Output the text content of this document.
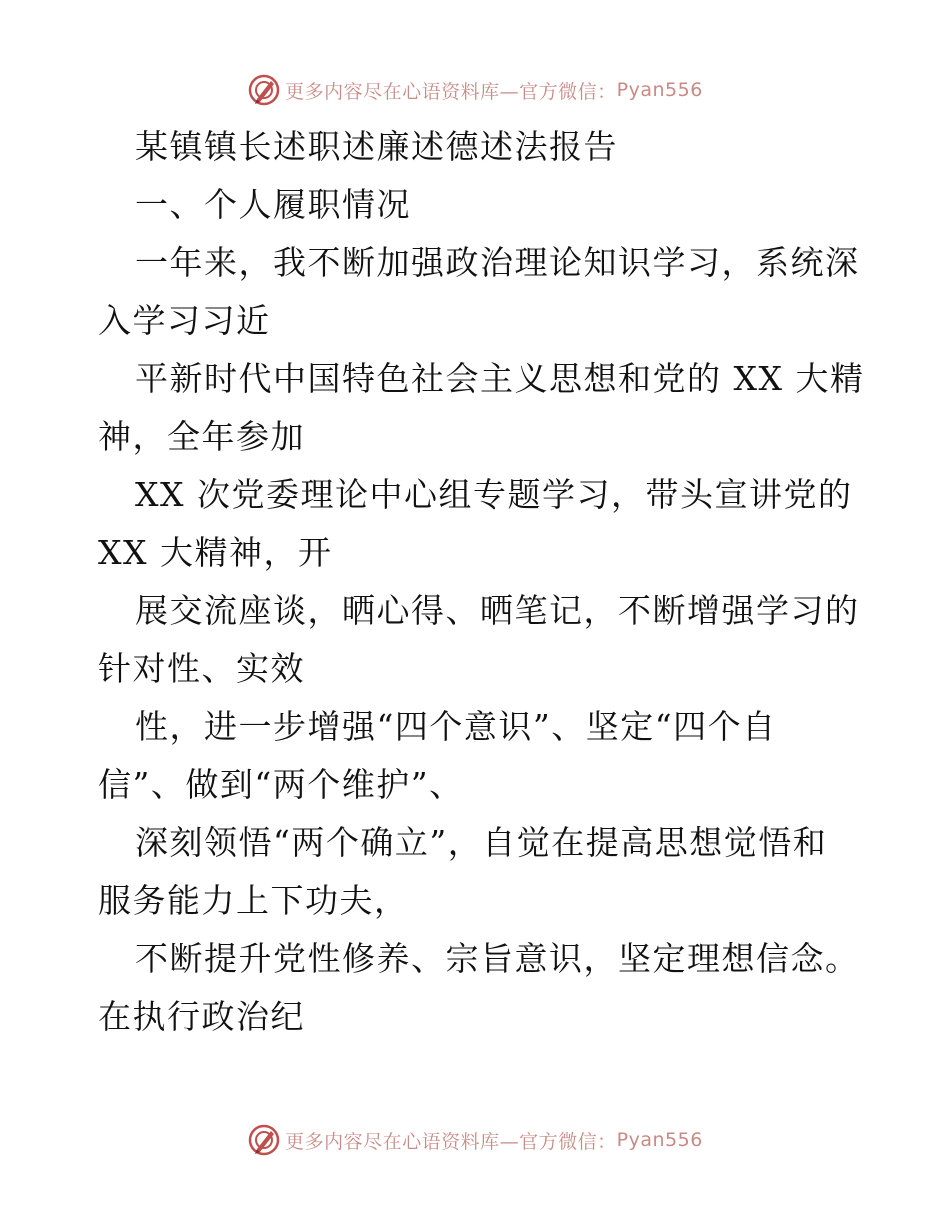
更多内容尽在心语资料库—官方微信： Pyan556
某镇镇长述职述廉述德述法报告
一、个人履职情况
一年来，我不断加强政治理论知识学习，系统深
入学习习近
平新时代中国特色社会主义思想和党的 XX 大精
神，全年参加
XX 次党委理论中心组专题学习，带头宣讲党的
XX 大精神，开
展交流座谈，晒心得、晒笔记，不断增强学习的
针对性、实效
性，进一步增强“四个意识”、坚定“四个自
信”、做到“两个维护”、
深刻领悟“两个确立”，自觉在提高思想觉悟和
服务能力上下功夫，
不断提升党性修养、宗旨意识，坚定理想信念。
在执行政治纪
更多内容尽在心语资料库—官方微信： Pyan556
